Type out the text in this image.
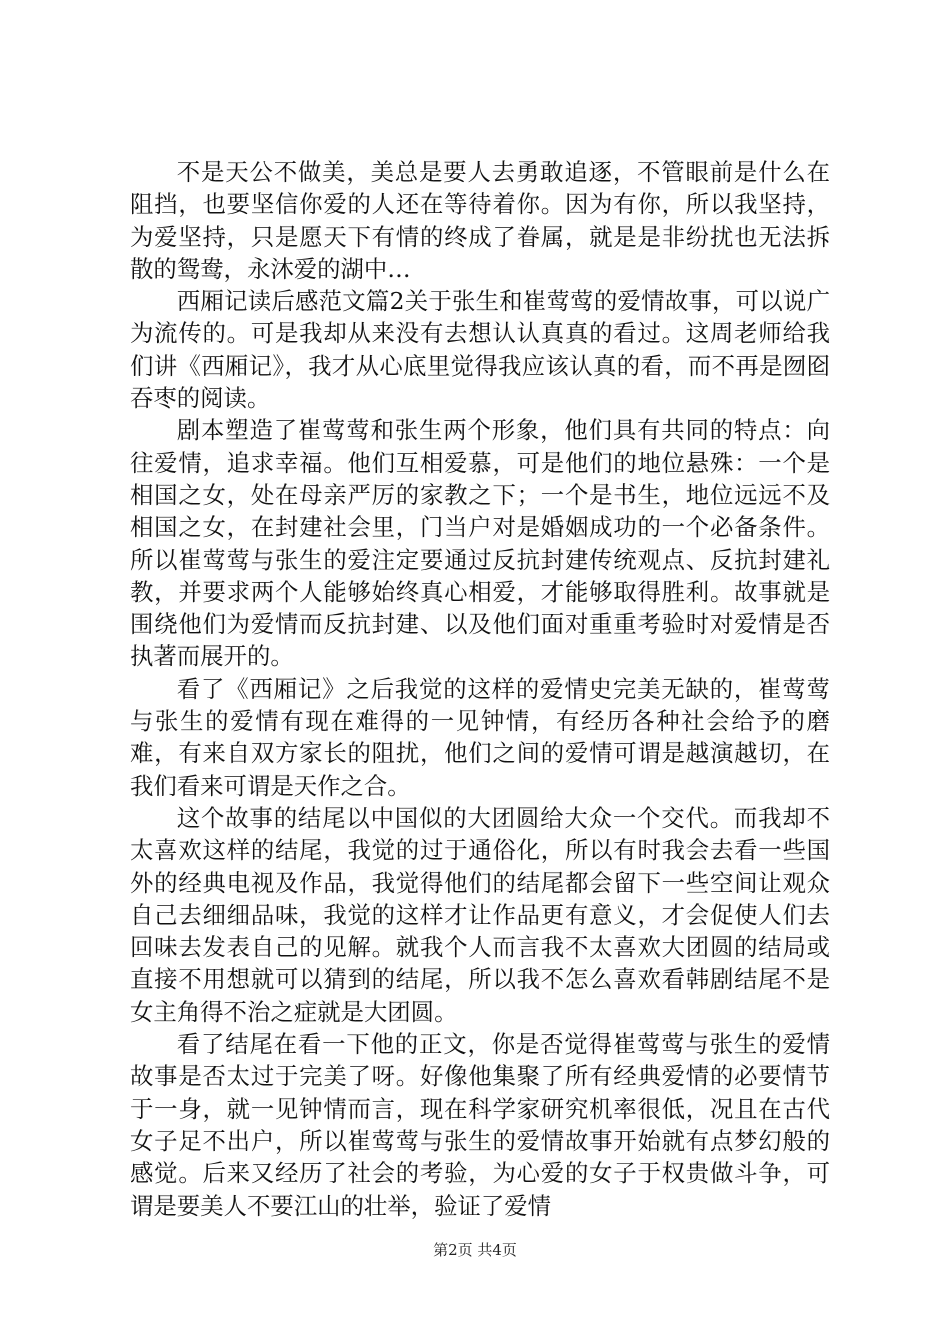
不是天公不做美，美总是要人去勇敢追逐，不管眼前是什么在阻挡，也要坚信你爱的人还在等待着你。因为有你，所以我坚持，为爱坚持，只是愿天下有情的终成了眷属，就是是非纷扰也无法拆散的鸳鸯，永沐爱的湖中…

西厢记读后感范文篇2关于张生和崔莺莺的爱情故事，可以说广为流传的。可是我却从来没有去想认认真真的看过。这周老师给我们讲《西厢记》，我才从心底里觉得我应该认真的看，而不再是囫囵吞枣的阅读。

剧本塑造了崔莺莺和张生两个形象，他们具有共同的特点：向往爱情，追求幸福。他们互相爱慕，可是他们的地位悬殊：一个是相国之女，处在母亲严厉的家教之下；一个是书生，地位远远不及相国之女，在封建社会里，门当户对是婚姻成功的一个必备条件。所以崔莺莺与张生的爱注定要通过反抗封建传统观点、反抗封建礼教，并要求两个人能够始终真心相爱，才能够取得胜利。故事就是围绕他们为爱情而反抗封建、以及他们面对重重考验时对爱情是否执著而展开的。

看了《西厢记》之后我觉的这样的爱情史完美无缺的，崔莺莺与张生的爱情有现在难得的一见钟情，有经历各种社会给予的磨难，有来自双方家长的阻扰，他们之间的爱情可谓是越演越切，在我们看来可谓是天作之合。

这个故事的结尾以中国似的大团圆给大众一个交代。而我却不太喜欢这样的结尾，我觉的过于通俗化，所以有时我会去看一些国外的经典电视及作品，我觉得他们的结尾都会留下一些空间让观众自己去细细品味，我觉的这样才让作品更有意义，才会促使人们去回味去发表自己的见解。就我个人而言我不太喜欢大团圆的结局或直接不用想就可以猜到的结尾，所以我不怎么喜欢看韩剧结尾不是女主角得不治之症就是大团圆。

看了结尾在看一下他的正文，你是否觉得崔莺莺与张生的爱情故事是否太过于完美了呀。好像他集聚了所有经典爱情的必要情节于一身，就一见钟情而言，现在科学家研究机率很低，况且在古代女子足不出户，所以崔莺莺与张生的爱情故事开始就有点梦幻般的感觉。后来又经历了社会的考验，为心爱的女子于权贵做斗争，可谓是要美人不要江山的壮举，验证了爱情

第2页 共4页
